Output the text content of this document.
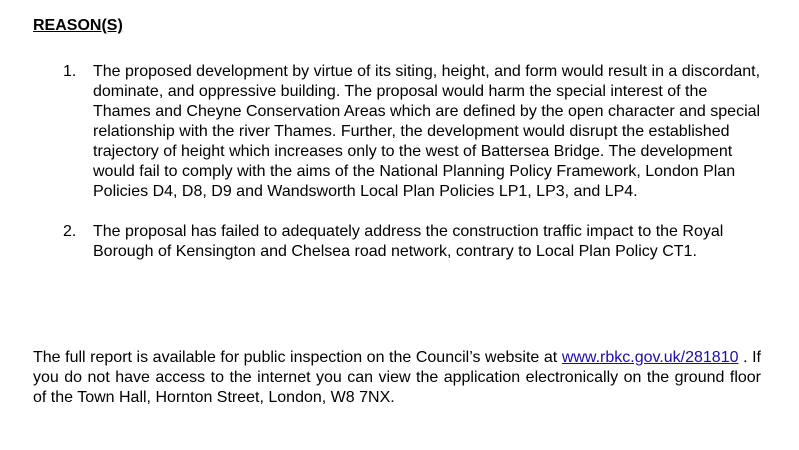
REASON(S)
1. The proposed development by virtue of its siting, height, and form would result in a discordant, dominate, and oppressive building. The proposal would harm the special interest of the Thames and Cheyne Conservation Areas which are defined by the open character and special relationship with the river Thames. Further, the development would disrupt the established trajectory of height which increases only to the west of Battersea Bridge. The development would fail to comply with the aims of the National Planning Policy Framework, London Plan Policies D4, D8, D9 and Wandsworth Local Plan Policies LP1, LP3, and LP4.
2. The proposal has failed to adequately address the construction traffic impact to the Royal Borough of Kensington and Chelsea road network, contrary to Local Plan Policy CT1.

The full report is available for public inspection on the Council’s website at www.rbkc.gov.uk/281810 . If you do not have access to the internet you can view the application electronically on the ground floor of the Town Hall, Hornton Street, London, W8 7NX.
